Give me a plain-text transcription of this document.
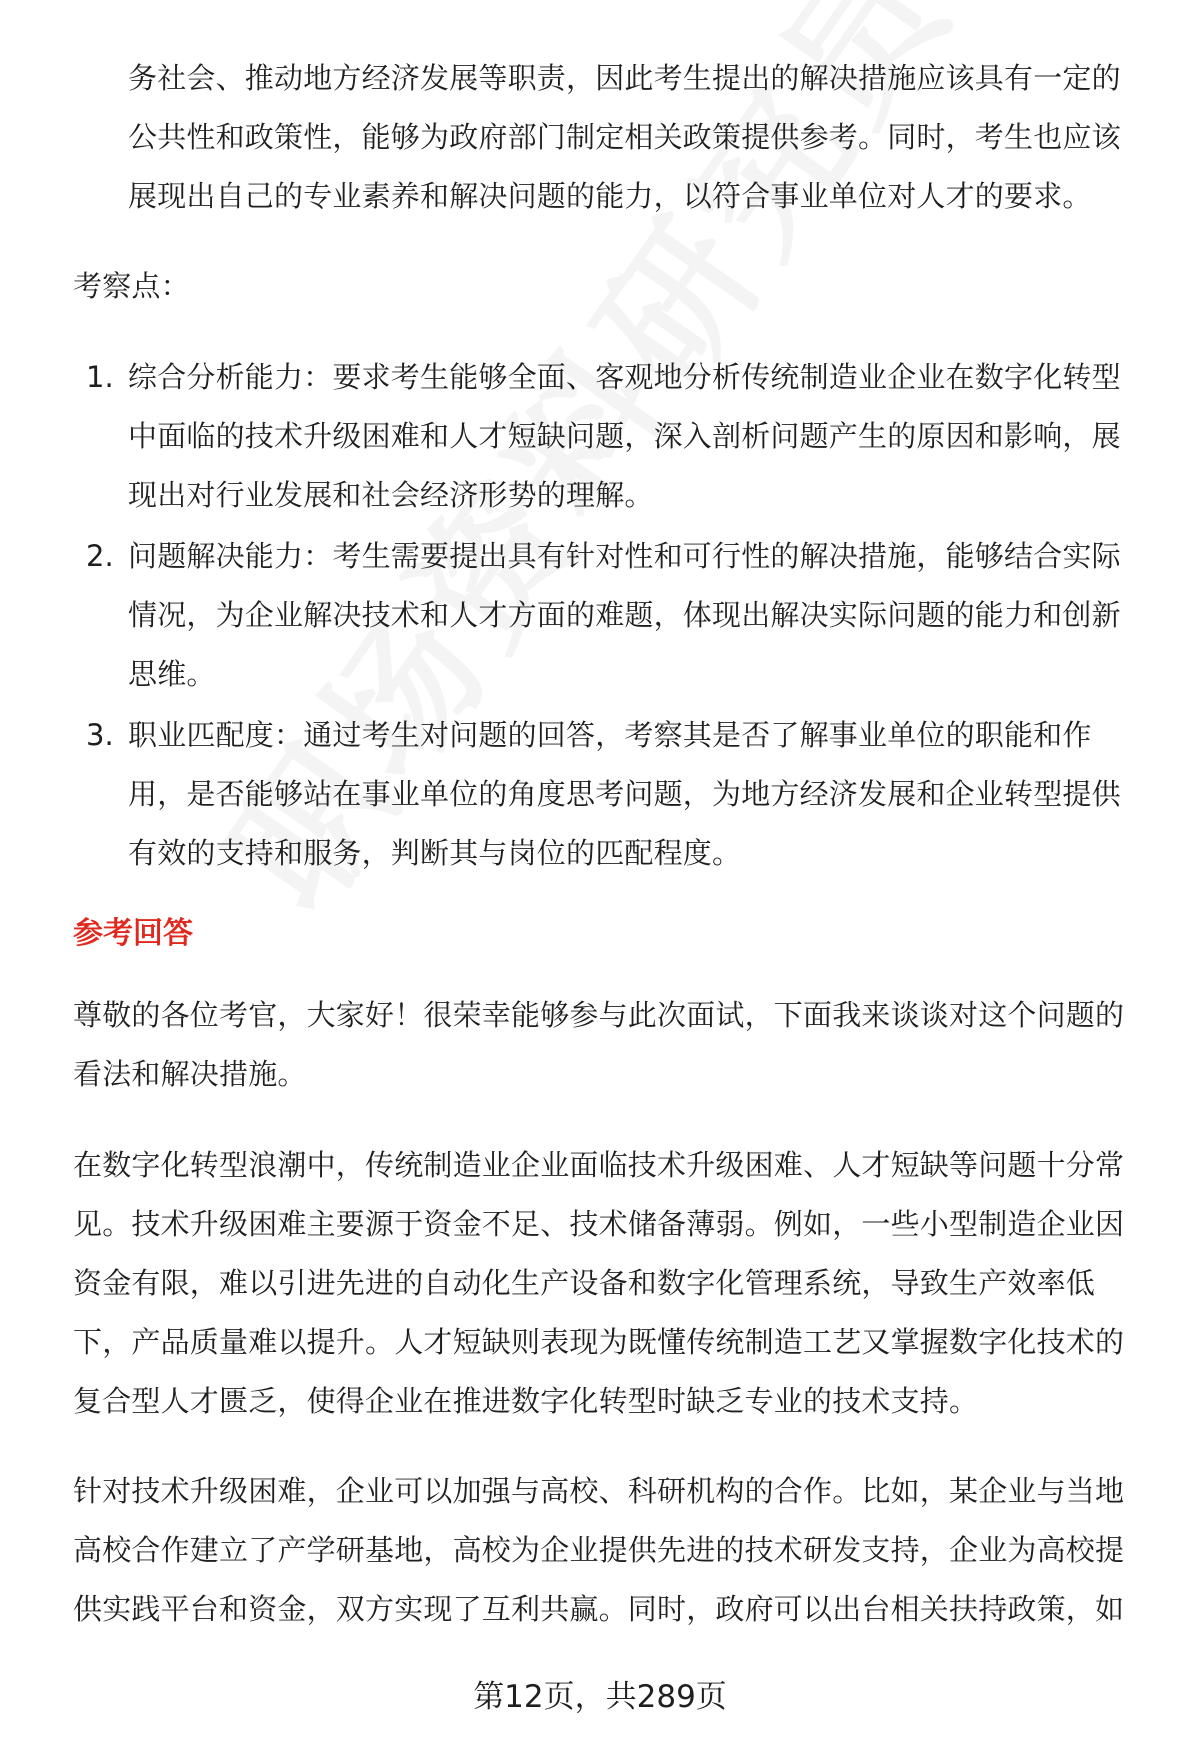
务社会、推动地方经济发展等职责，因此考生提出的解决措施应该具有一定的
公共性和政策性，能够为政府部门制定相关政策提供参考。同时，考生也应该
展现出自己的专业素养和解决问题的能力，以符合事业单位对人才的要求。
考察点：
1. 综合分析能力：要求考生能够全面、客观地分析传统制造业企业在数字化转型
中面临的技术升级困难和人才短缺问题，深入剖析问题产生的原因和影响，展
现出对行业发展和社会经济形势的理解。
2. 问题解决能力：考生需要提出具有针对性和可行性的解决措施，能够结合实际
情况，为企业解决技术和人才方面的难题，体现出解决实际问题的能力和创新
思维。
3. 职业匹配度：通过考生对问题的回答，考察其是否了解事业单位的职能和作
用，是否能够站在事业单位的角度思考问题，为地方经济发展和企业转型提供
有效的支持和服务，判断其与岗位的匹配程度。
参考回答
尊敬的各位考官，大家好！很荣幸能够参与此次面试，下面我来谈谈对这个问题的
看法和解决措施。
在数字化转型浪潮中，传统制造业企业面临技术升级困难、人才短缺等问题十分常
见。技术升级困难主要源于资金不足、技术储备薄弱。例如，一些小型制造企业因
资金有限，难以引进先进的自动化生产设备和数字化管理系统，导致生产效率低
下，产品质量难以提升。人才短缺则表现为既懂传统制造工艺又掌握数字化技术的
复合型人才匮乏，使得企业在推进数字化转型时缺乏专业的技术支持。
针对技术升级困难，企业可以加强与高校、科研机构的合作。比如，某企业与当地
高校合作建立了产学研基地，高校为企业提供先进的技术研发支持，企业为高校提
供实践平台和资金，双方实现了互利共赢。同时，政府可以出台相关扶持政策，如
第12页，共289页
